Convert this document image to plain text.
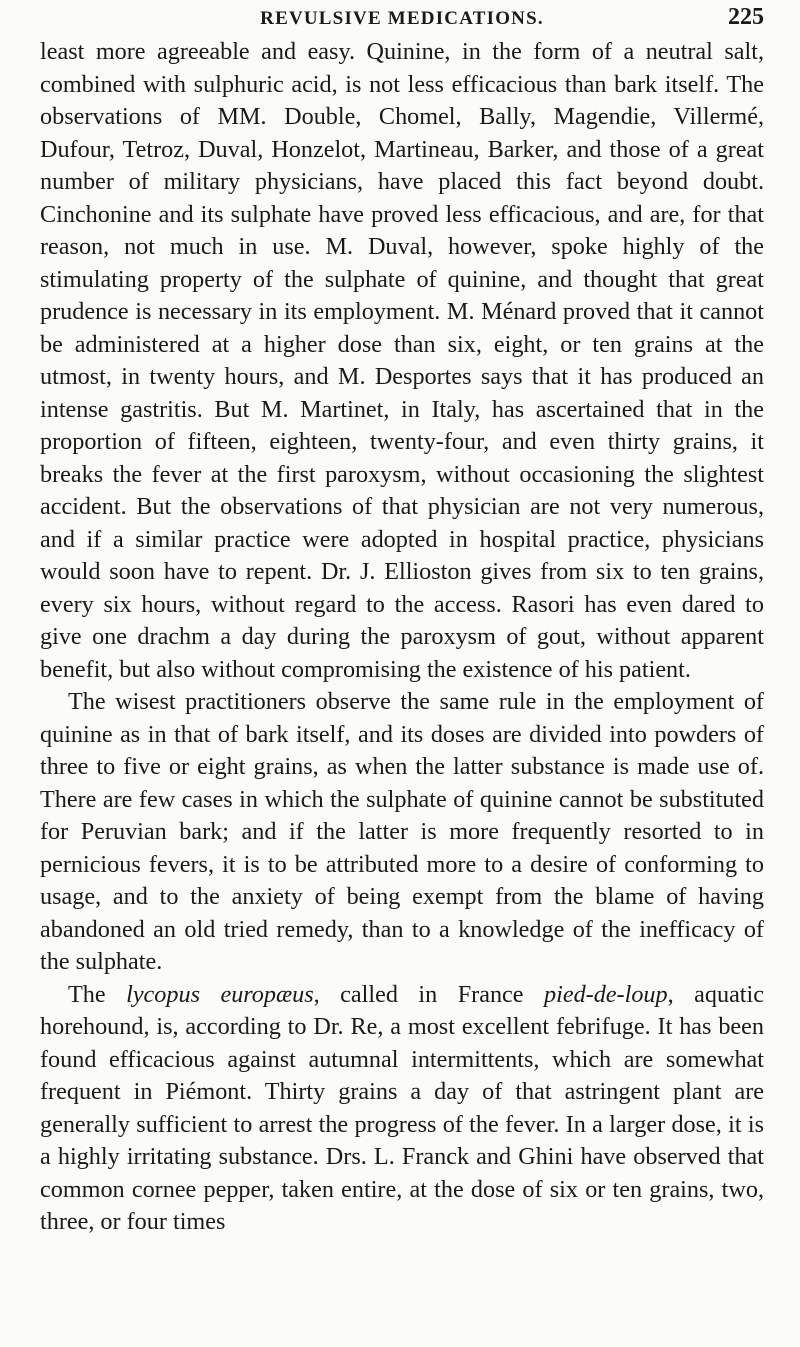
REVULSIVE MEDICATIONS.	225

least more agreeable and easy. Quinine, in the form of a neutral salt, combined with sulphuric acid, is not less efficacious than bark itself. The observations of MM. Double, Chomel, Bally, Magendie, Villermé, Dufour, Tetroz, Duval, Honzelot, Martineau, Barker, and those of a great number of military physicians, have placed this fact beyond doubt. Cinchonine and its sulphate have proved less efficacious, and are, for that reason, not much in use. M. Duval, however, spoke highly of the stimulating property of the sulphate of quinine, and thought that great prudence is necessary in its employment. M. Ménard proved that it cannot be administered at a higher dose than six, eight, or ten grains at the utmost, in twenty hours, and M. Desportes says that it has produced an intense gastritis. But M. Martinet, in Italy, has ascertained that in the proportion of fifteen, eighteen, twenty-four, and even thirty grains, it breaks the fever at the first paroxysm, without occasioning the slightest accident. But the observations of that physician are not very numerous, and if a similar practice were adopted in hospital practice, physicians would soon have to repent. Dr. J. Ellioston gives from six to ten grains, every six hours, without regard to the access. Rasori has even dared to give one drachm a day during the paroxysm of gout, without apparent benefit, but also without compromising the existence of his patient.

The wisest practitioners observe the same rule in the employment of quinine as in that of bark itself, and its doses are divided into powders of three to five or eight grains, as when the latter substance is made use of. There are few cases in which the sulphate of quinine cannot be substituted for Peruvian bark; and if the latter is more frequently resorted to in pernicious fevers, it is to be attributed more to a desire of conforming to usage, and to the anxiety of being exempt from the blame of having abandoned an old tried remedy, than to a knowledge of the inefficacy of the sulphate.

The lycopus europæus, called in France pied-de-loup, aquatic horehound, is, according to Dr. Re, a most excellent febrifuge. It has been found efficacious against autumnal intermittents, which are somewhat frequent in Piémont. Thirty grains a day of that astringent plant are generally sufficient to arrest the progress of the fever. In a larger dose, it is a highly irritating substance. Drs. L. Franck and Ghini have observed that common cornee pepper, taken entire, at the dose of six or ten grains, two, three, or four times
